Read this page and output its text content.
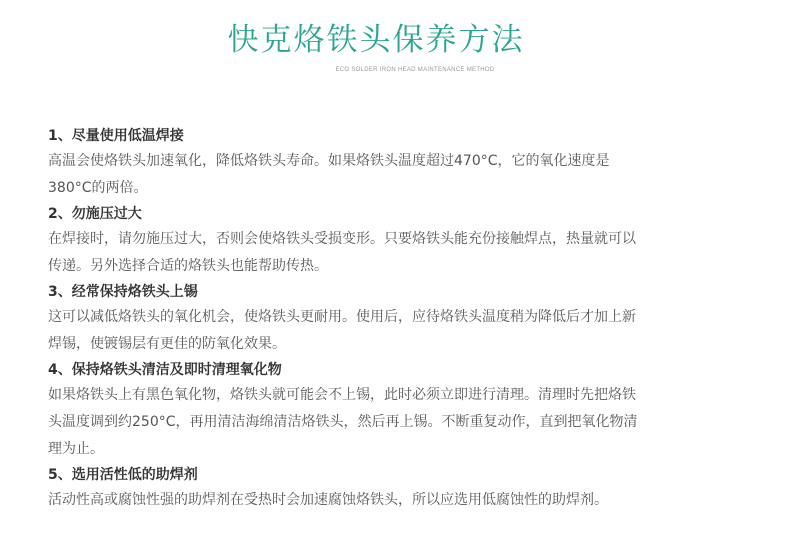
快克烙铁头保养方法
ECO SOLDER IRON HEAD MAINTENANCE METHOD
1、尽量使用低温焊接
高温会使烙铁头加速氧化，降低烙铁头寿命。如果烙铁头温度超过470°C，它的氧化速度是
380°C的两倍。
2、勿施压过大
在焊接时，请勿施压过大，否则会使烙铁头受损变形。只要烙铁头能充份接触焊点，热量就可以
传递。另外选择合适的烙铁头也能帮助传热。
3、经常保持烙铁头上锡
这可以减低烙铁头的氧化机会，使烙铁头更耐用。使用后，应待烙铁头温度稍为降低后才加上新
焊锡，使镀锡层有更佳的防氧化效果。
4、保持烙铁头清洁及即时清理氧化物
如果烙铁头上有黑色氧化物，烙铁头就可能会不上锡，此时必须立即进行清理。清理时先把烙铁
头温度调到约250°C，再用清洁海绵清洁烙铁头，然后再上锡。不断重复动作，直到把氧化物清
理为止。
5、选用活性低的助焊剂
活动性高或腐蚀性强的助焊剂在受热时会加速腐蚀烙铁头，所以应选用低腐蚀性的助焊剂。
